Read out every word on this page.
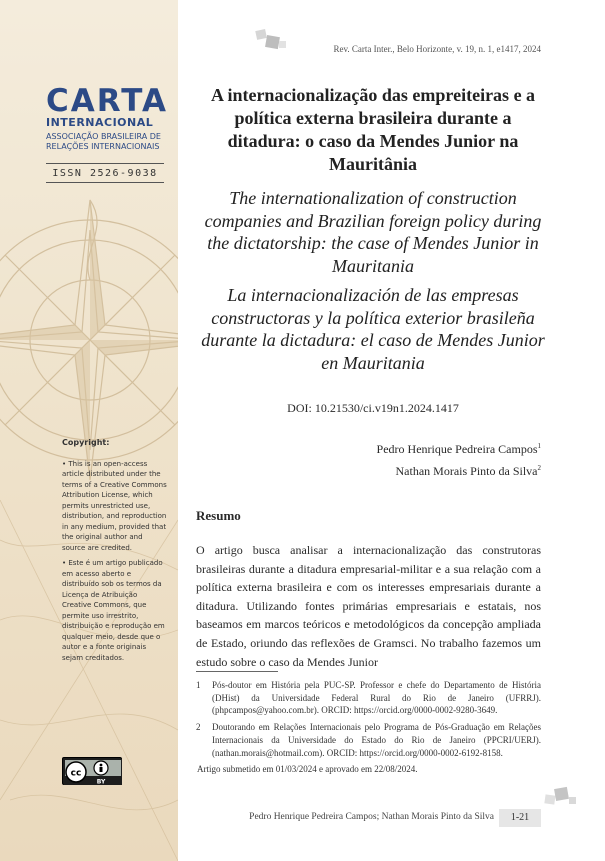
CARTA
INTERNACIONAL
ASSOCIAÇÃO BRASILEIRA DE
RELAÇÕES INTERNACIONAIS
ISSN 2526-9038
Copyright:

• This is an open-access article distributed under the terms of a Creative Commons Attribution License, which permits unrestricted use, distribution, and reproduction in any medium, provided that the original author and source are credited.

• Este é um artigo publicado em acesso aberto e distribuído sob os termos da Licença de Atribuição Creative Commons, que permite uso irrestrito, distribuição e reprodução em qualquer meio, desde que o autor e a fonte originais sejam creditados.

cc
BY
Rev. Carta Inter., Belo Horizonte, v. 19, n. 1, e1417, 2024
A internacionalização das empreiteiras e a política externa brasileira durante a ditadura: o caso da Mendes Junior na Mauritânia
The internationalization of construction companies and Brazilian foreign policy during the dictatorship: the case of Mendes Junior in Mauritania
La internacionalización de las empresas constructoras y la política exterior brasileña durante la dictadura: el caso de Mendes Junior en Mauritania
DOI: 10.21530/ci.v19n1.2024.1417
Pedro Henrique Pedreira Campos$^1$
Nathan Morais Pinto da Silva$^2$
Resumo
O artigo busca analisar a internacionalização das construtoras brasileiras durante a ditadura empresarial-militar e a sua relação com a política externa brasileira e com os interesses empresariais durante a ditadura. Utilizando fontes primárias empresariais e estatais, nos baseamos em marcos teóricos e metodológicos da concepção ampliada de Estado, oriundo das reflexões de Gramsci. No trabalho fazemos um estudo sobre o caso da Mendes Junior
1	Pós-doutor em História pela PUC-SP. Professor e chefe do Departamento de História (DHist) da Universidade Federal Rural do Rio de Janeiro (UFRRJ). (phpcampos@yahoo.com.br). ORCID: https://orcid.org/0000-0002-9280-3649.
2	Doutorando em Relações Internacionais pelo Programa de Pós-Graduação em Relações Internacionais da Universidade do Estado do Rio de Janeiro (PPCRI/UERJ). (nathan.morais@hotmail.com). ORCID: https://orcid.org/0000-0002-6192-8158.
Artigo submetido em 01/03/2024 e aprovado em 22/08/2024.
Pedro Henrique Pedreira Campos; Nathan Morais Pinto da Silva	1-21
